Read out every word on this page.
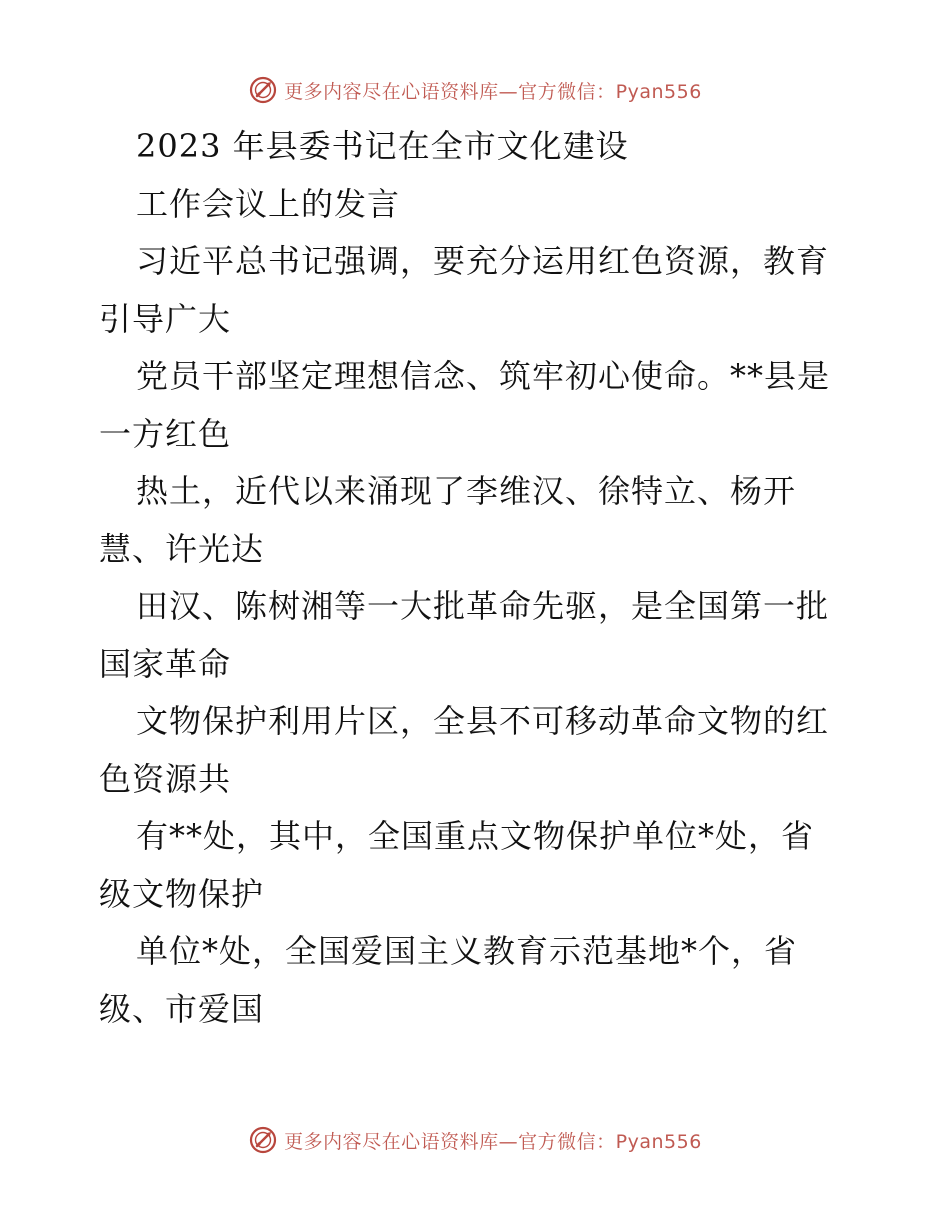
更多内容尽在心语资料库—官方微信：Pyan556
2023 年县委书记在全市文化建设
工作会议上的发言
习近平总书记强调，要充分运用红色资源，教育
引导广大
党员干部坚定理想信念、筑牢初心使命。**县是
一方红色
热土，近代以来涌现了李维汉、徐特立、杨开
慧、许光达
田汉、陈树湘等一大批革命先驱，是全国第一批
国家革命
文物保护利用片区，全县不可移动革命文物的红
色资源共
有**处，其中，全国重点文物保护单位*处，省
级文物保护
单位*处，全国爱国主义教育示范基地*个，省
级、市爱国
更多内容尽在心语资料库—官方微信：Pyan556
